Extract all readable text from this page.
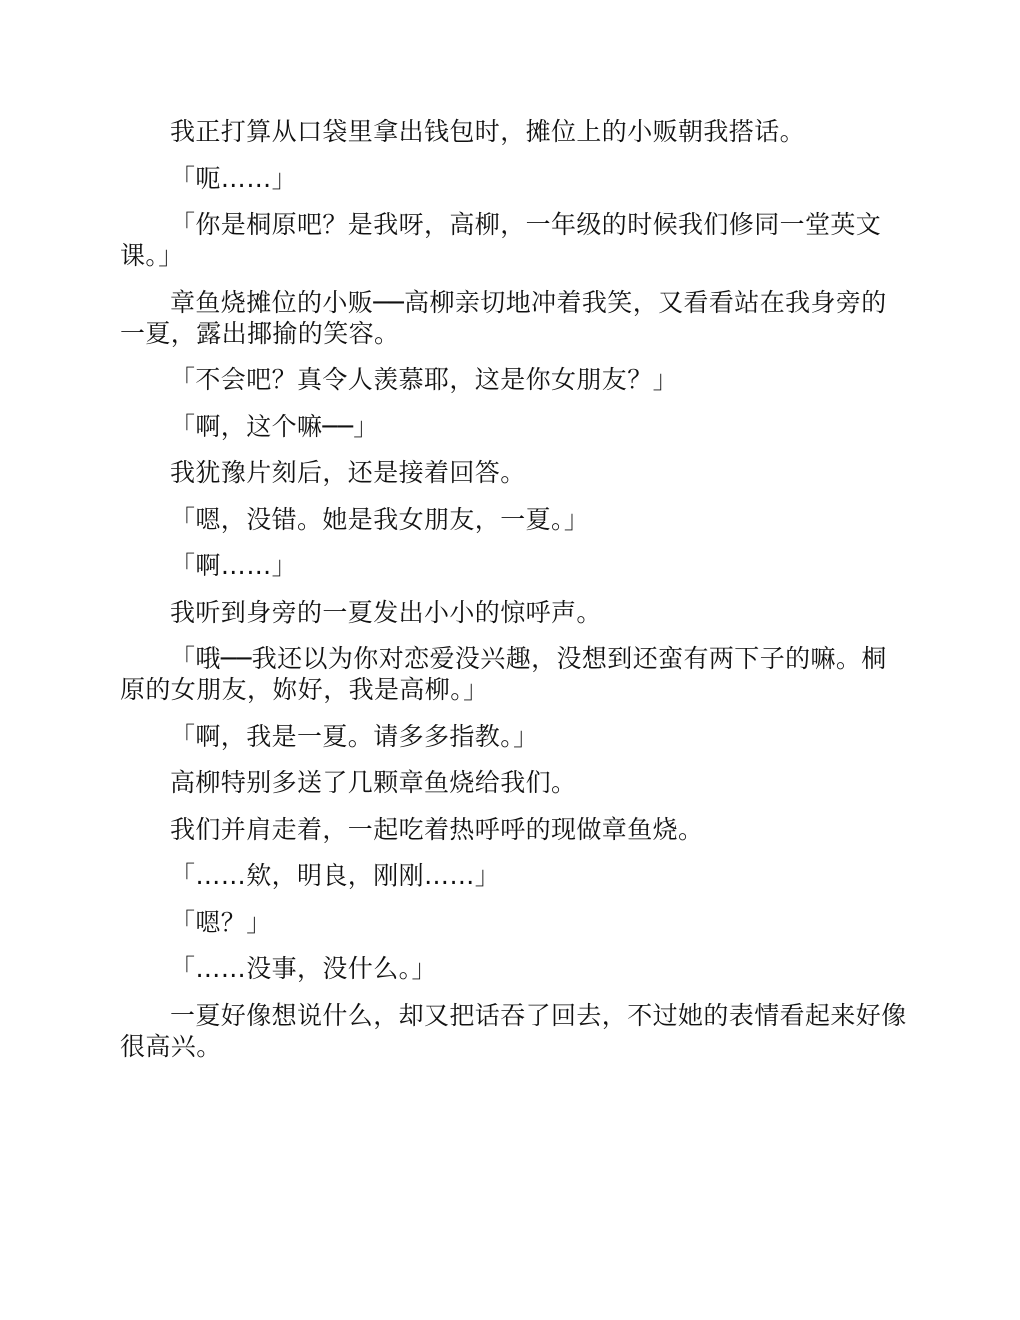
我正打算从口袋里拿出钱包时，摊位上的小贩朝我搭话。

「呃……」

「你是桐原吧？是我呀，高柳，一年级的时候我们修同一堂英文课。」

章鱼烧摊位的小贩──高柳亲切地冲着我笑，又看看站在我身旁的一夏，露出揶揄的笑容。

「不会吧？真令人羡慕耶，这是你女朋友？」

「啊，这个嘛──」

我犹豫片刻后，还是接着回答。

「嗯，没错。她是我女朋友，一夏。」

「啊……」

我听到身旁的一夏发出小小的惊呼声。

「哦──我还以为你对恋爱没兴趣，没想到还蛮有两下子的嘛。桐原的女朋友，妳好，我是高柳。」

「啊，我是一夏。请多多指教。」

高柳特别多送了几颗章鱼烧给我们。

我们并肩走着，一起吃着热呼呼的现做章鱼烧。

「……欸，明良，刚刚……」

「嗯？」

「……没事，没什么。」

一夏好像想说什么，却又把话吞了回去，不过她的表情看起来好像很高兴。
